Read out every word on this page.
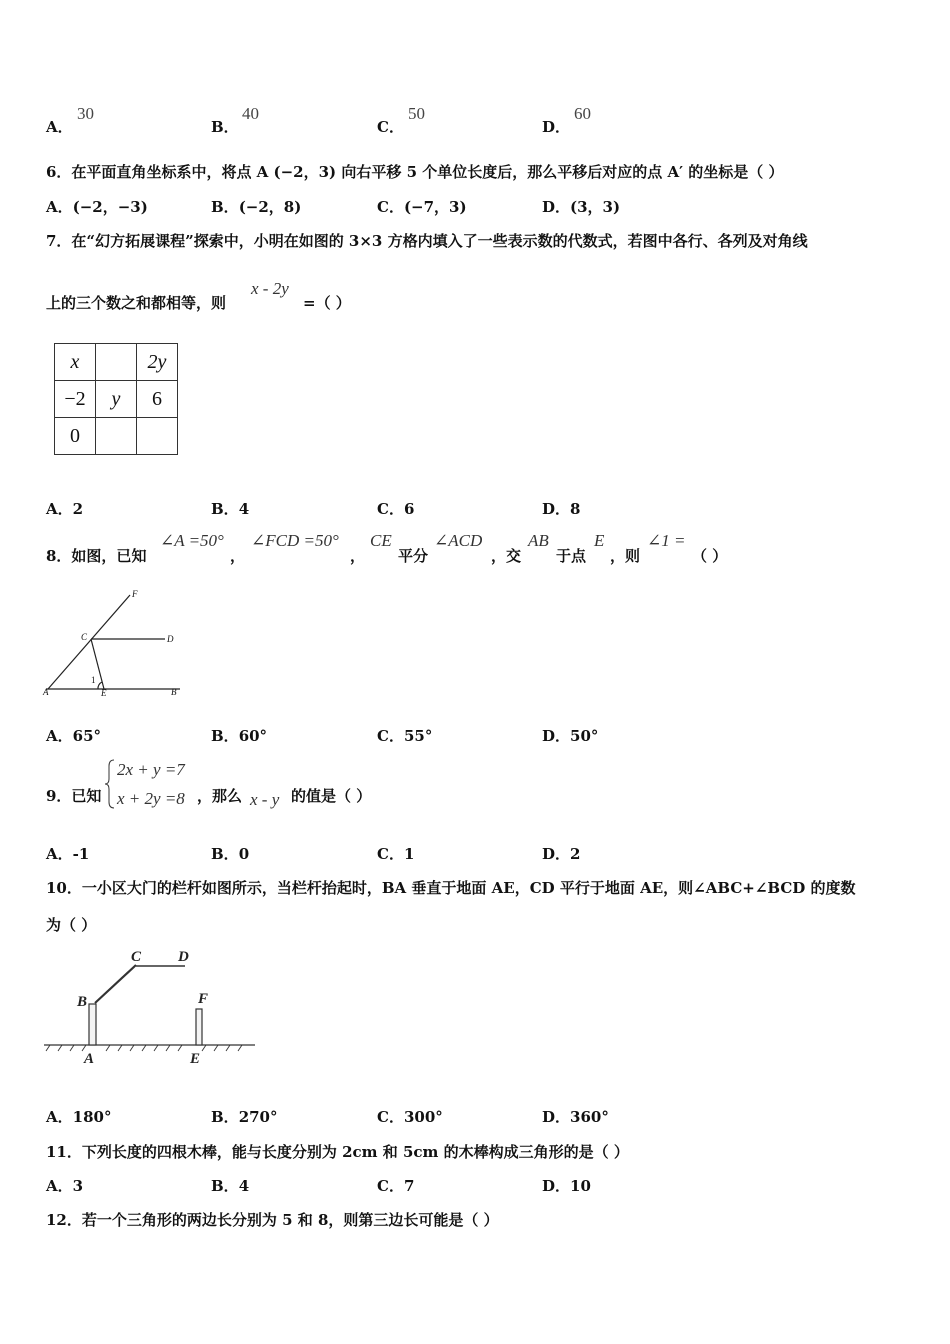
A．
30
B．
40
C．
50
D．
60
6．在平面直角坐标系中，将点 A (−2，3) 向右平移 5 个单位长度后，那么平移后对应的点 A′ 的坐标是（ ）
A．(−2，−3)	B．(−2，8)	C．(−7，3)	D．(3，3)
7．在“幻方拓展课程”探索中，小明在如图的 3×3 方格内填入了一些表示数的代数式，若图中各行、各列及对角线
上的三个数之和都相等，则
x - 2y
=（ ）
x		2y
−2	y	6
0		
A．2	B．4	C．6	D．8
8．如图，已知
∠A =50°
，
∠FCD =50°
，
CE
平分
∠ACD
，交
AB
于点
E
，则
∠1 =
（ ）
F
C	D
A	E	B
1
A．65°	B．60°	C．55°	D．50°
9．已知
2x + y =7
x + 2y =8 ，那么 x - y 的值是（ ）
A．-1	B．0	C．1	D．2
10．一小区大门的栏杆如图所示，当栏杆抬起时，BA 垂直于地面 AE，CD 平行于地面 AE，则∠ABC+∠BCD 的度数
为（ ）
C D
B	F
A	E
A．180°	B．270°	C．300°	D．360°
11．下列长度的四根木棒，能与长度分别为 2cm 和 5cm 的木棒构成三角形的是（ ）
A．3	B．4	C．7	D．10
12．若一个三角形的两边长分别为 5 和 8，则第三边长可能是（ ）
